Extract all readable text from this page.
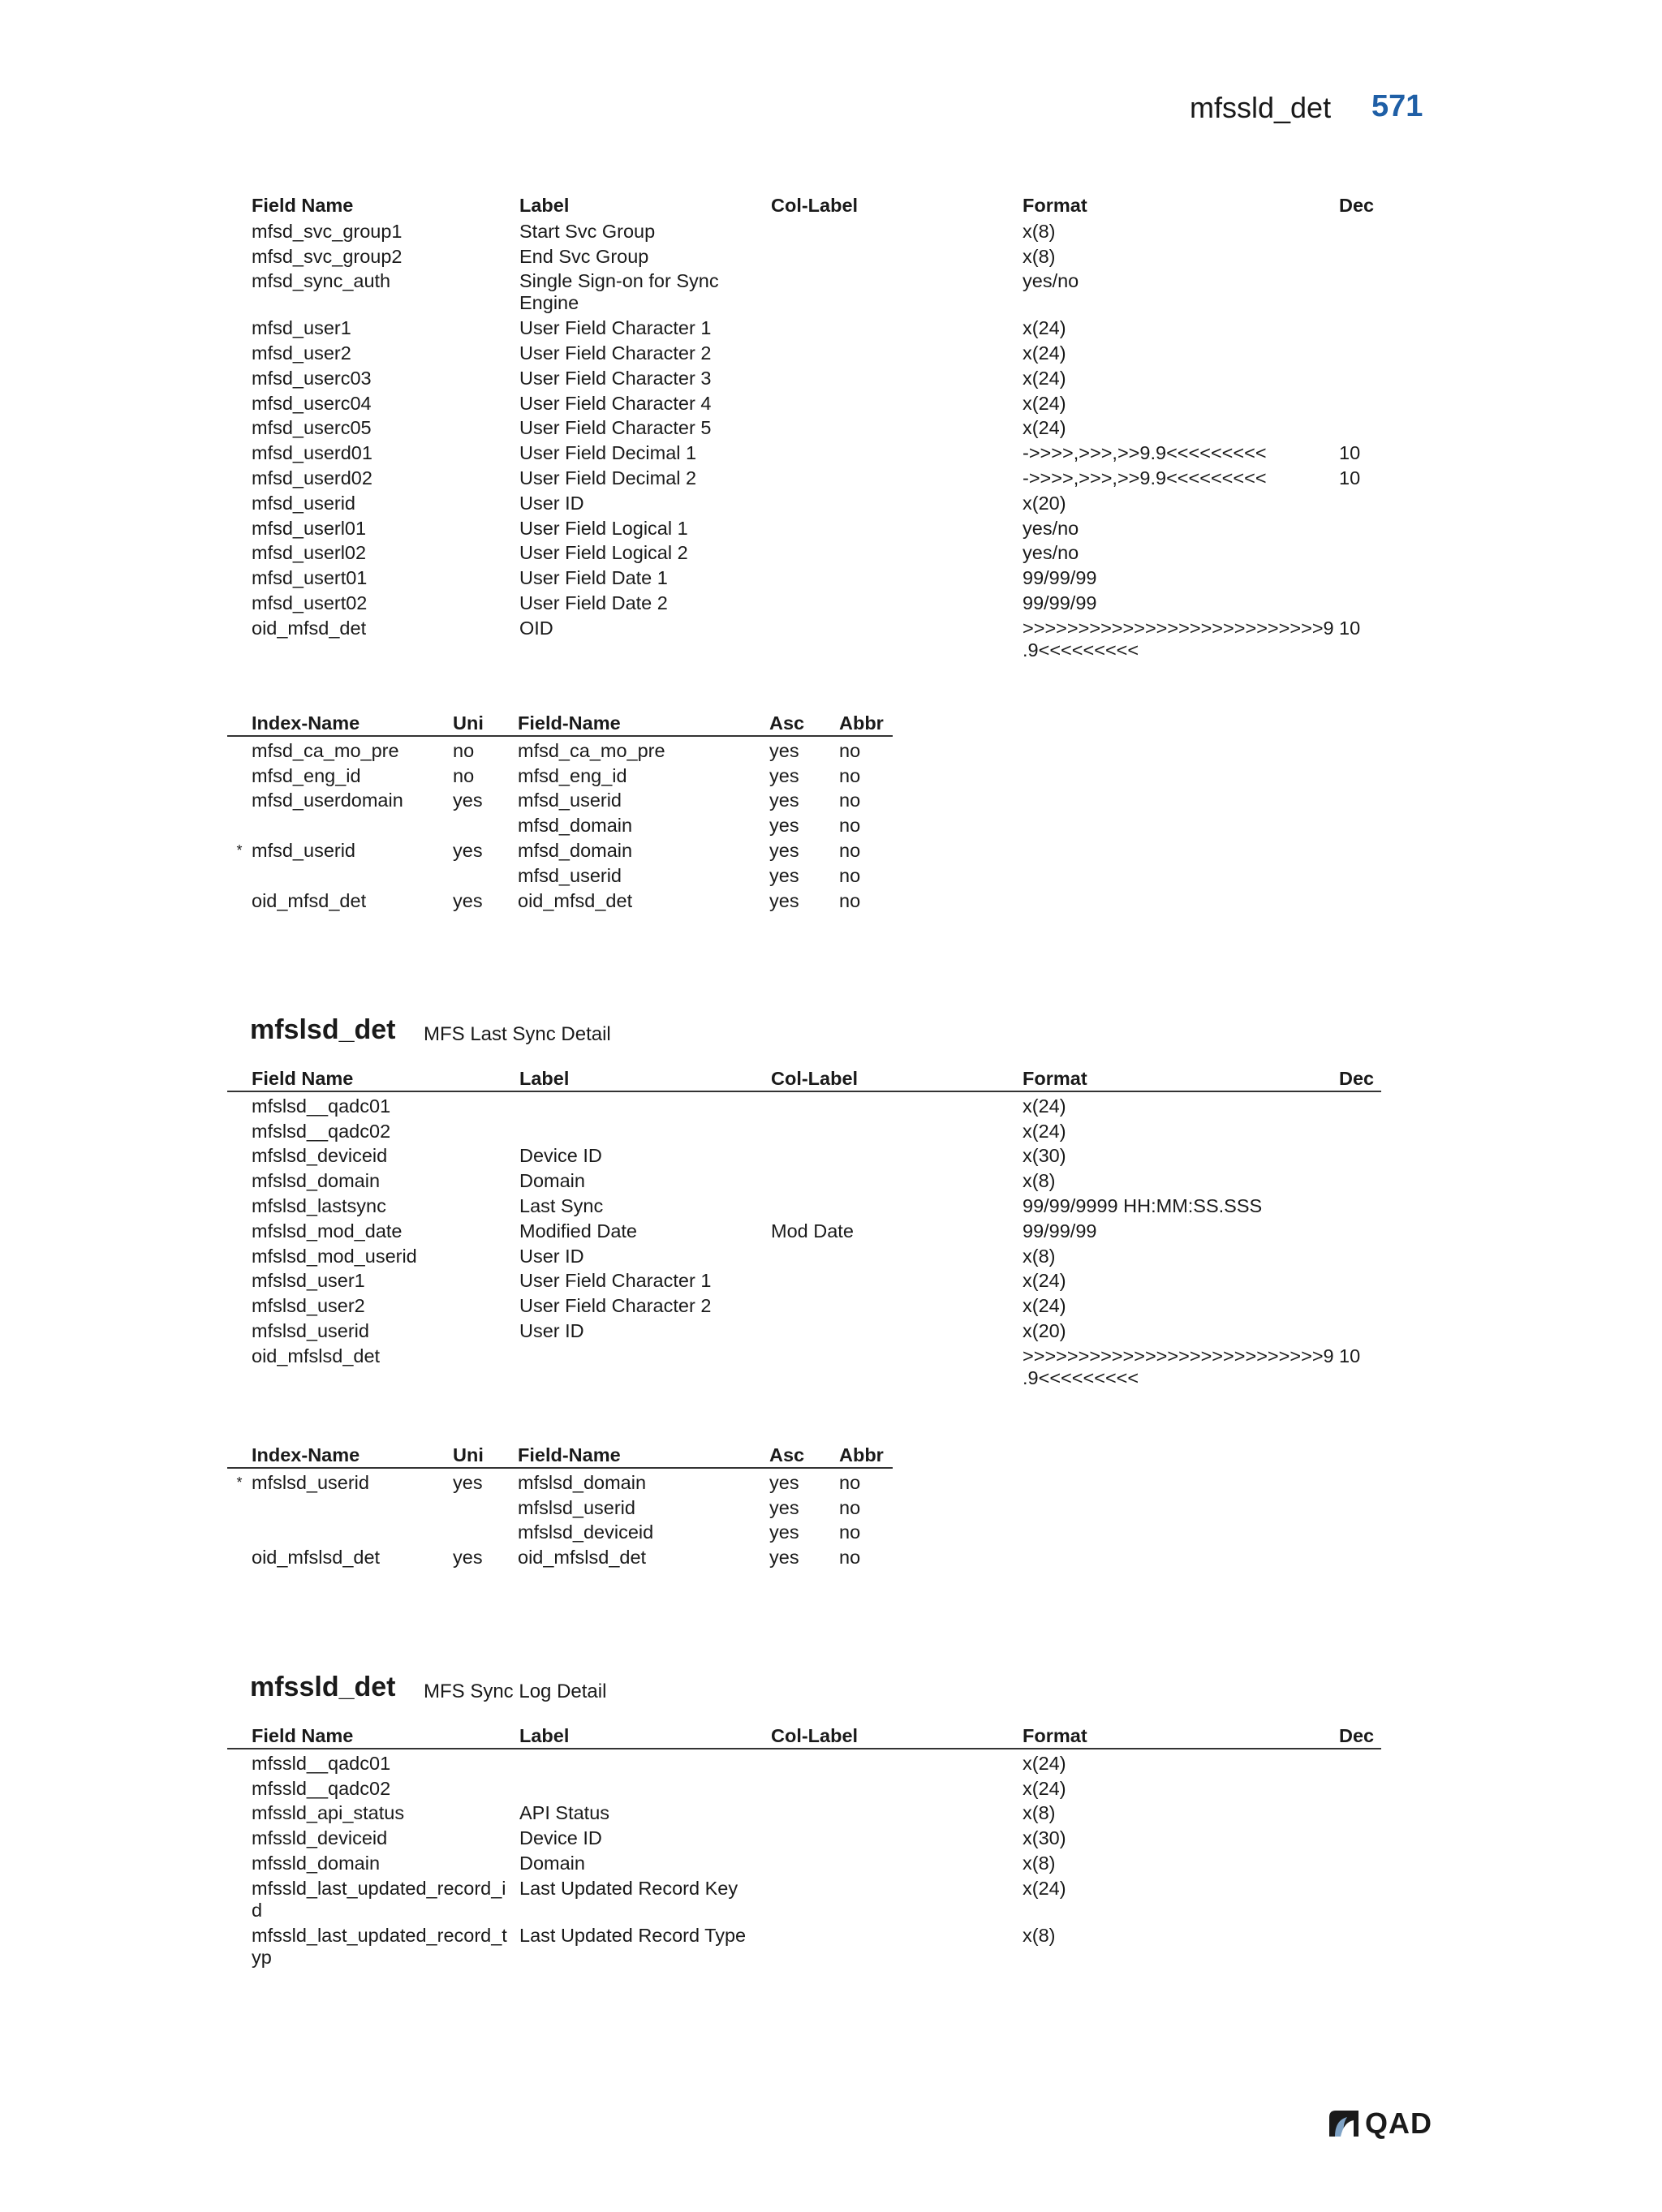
mfssld_det 571
Field Name	Label	Col-Label	Format	Dec
mfsd_svc_group1	Start Svc Group		x(8)	
mfsd_svc_group2	End Svc Group		x(8)	
mfsd_sync_auth	Single Sign-on for Sync Engine		yes/no	
mfsd_user1	User Field Character 1		x(24)	
mfsd_user2	User Field Character 2		x(24)	
mfsd_userc03	User Field Character 3		x(24)	
mfsd_userc04	User Field Character 4		x(24)	
mfsd_userc05	User Field Character 5		x(24)	
mfsd_userd01	User Field Decimal 1		->>>>,>>>,>>9.9<<<<<<<<<	10
mfsd_userd02	User Field Decimal 2		->>>>,>>>,>>9.9<<<<<<<<<	10
mfsd_userid	User ID		x(20)	
mfsd_userl01	User Field Logical 1		yes/no	
mfsd_userl02	User Field Logical 2		yes/no	
mfsd_usert01	User Field Date 1		99/99/99	
mfsd_usert02	User Field Date 2		99/99/99	
oid_mfsd_det	OID		>>>>>>>>>>>>>>>>>>>>>>>>>>>9 .9<<<<<<<<<	10
	Index-Name	Uni	Field-Name	Asc	Abbr
	mfsd_ca_mo_pre	no	mfsd_ca_mo_pre	yes	no
	mfsd_eng_id	no	mfsd_eng_id	yes	no
	mfsd_userdomain	yes	mfsd_userid	yes	no
			mfsd_domain	yes	no
*	mfsd_userid	yes	mfsd_domain	yes	no
			mfsd_userid	yes	no
	oid_mfsd_det	yes	oid_mfsd_det	yes	no
mfslsd_det MFS Last Sync Detail
Field Name	Label	Col-Label	Format	Dec
mfslsd__qadc01			x(24)	
mfslsd__qadc02			x(24)	
mfslsd_deviceid	Device ID		x(30)	
mfslsd_domain	Domain		x(8)	
mfslsd_lastsync	Last Sync		99/99/9999 HH:MM:SS.SSS	
mfslsd_mod_date	Modified Date	Mod Date	99/99/99	
mfslsd_mod_userid	User ID		x(8)	
mfslsd_user1	User Field Character 1		x(24)	
mfslsd_user2	User Field Character 2		x(24)	
mfslsd_userid	User ID		x(20)	
oid_mfslsd_det			>>>>>>>>>>>>>>>>>>>>>>>>>>>9 .9<<<<<<<<<	10
	Index-Name	Uni	Field-Name	Asc	Abbr
*	mfslsd_userid	yes	mfslsd_domain	yes	no
			mfslsd_userid	yes	no
			mfslsd_deviceid	yes	no
	oid_mfslsd_det	yes	oid_mfslsd_det	yes	no
mfssld_det MFS Sync Log Detail
Field Name	Label	Col-Label	Format	Dec
mfssld__qadc01			x(24)	
mfssld__qadc02			x(24)	
mfssld_api_status	API Status		x(8)	
mfssld_deviceid	Device ID		x(30)	
mfssld_domain	Domain		x(8)	
mfssld_last_updated_record_i d	Last Updated Record Key		x(24)	
mfssld_last_updated_record_t yp	Last Updated Record Type		x(8)	
QAD
